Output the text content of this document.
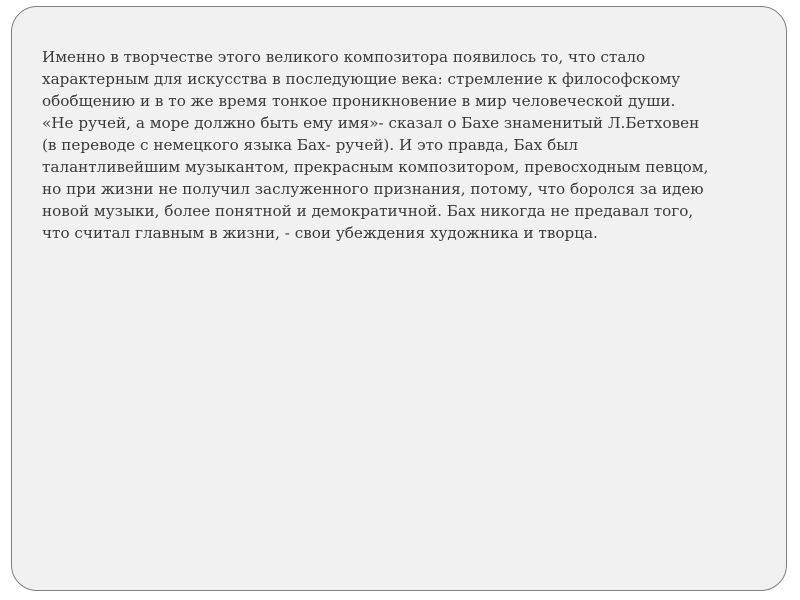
Именно в творчестве этого великого композитора появилось то, что стало
характерным для искусства в последующие века: стремление к философскому
обобщению и в то же время тонкое проникновение в мир человеческой души.
«Не ручей, а море должно быть ему имя»- сказал о Бахе знаменитый Л.Бетховен
(в переводе с немецкого языка Бах- ручей). И это правда, Бах был
талантливейшим музыкантом, прекрасным композитором, превосходным певцом,
но при жизни не получил заслуженного признания, потому, что боролся за идею
новой музыки, более понятной и демократичной. Бах никогда не предавал того,
что считал главным в жизни, - свои убеждения художника и творца.
